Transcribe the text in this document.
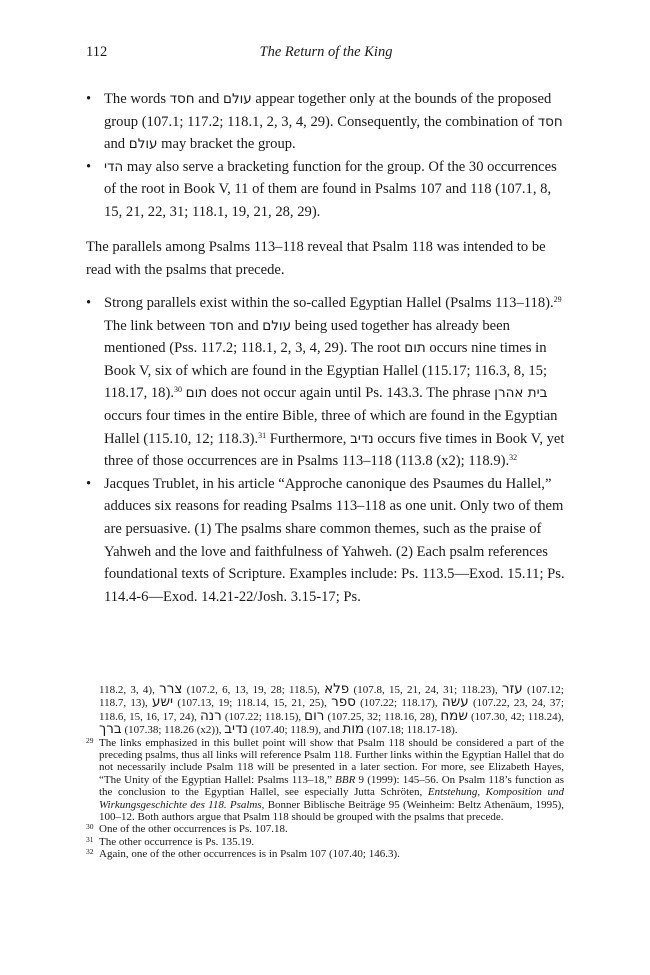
112	The Return of the King
• The words חסד and עולם appear together only at the bounds of the proposed group (107.1; 117.2; 118.1, 2, 3, 4, 29). Consequently, the combination of חסד and עולם may bracket the group.
• הדי may also serve a bracketing function for the group. Of the 30 occurrences of the root in Book V, 11 of them are found in Psalms 107 and 118 (107.1, 8, 15, 21, 22, 31; 118.1, 19, 21, 28, 29).

The parallels among Psalms 113–118 reveal that Psalm 118 was intended to be read with the psalms that precede.

• Strong parallels exist within the so-called Egyptian Hallel (Psalms 113–118).$^{29}$ The link between חסד and עולם being used together has already been mentioned (Pss. 117.2; 118.1, 2, 3, 4, 29). The root תום occurs nine times in Book V, six of which are found in the Egyptian Hallel (115.17; 116.3, 8, 15; 118.17, 18).$^{30}$ תום does not occur again until Ps. 143.3. The phrase בית אהרן occurs four times in the entire Bible, three of which are found in the Egyptian Hallel (115.10, 12; 118.3).$^{31}$ Furthermore, נדיב occurs five times in Book V, yet three of those occurrences are in Psalms 113–118 (113.8 (x2); 118.9).$^{32}$
• Jacques Trublet, in his article “Approche canonique des Psaumes du Hallel,” adduces six reasons for reading Psalms 113–118 as one unit. Only two of them are persuasive. (1) The psalms share common themes, such as the praise of Yahweh and the love and faithfulness of Yahweh. (2) Each psalm references foundational texts of Scripture. Examples include: Ps. 113.5—Exod. 15.11; Ps. 114.4-6—Exod. 14.21-22/Josh. 3.15-17; Ps.

118.2, 3, 4), צרר (107.2, 6, 13, 19, 28; 118.5), פלא (107.8, 15, 21, 24, 31; 118.23), עזר (107.12; 118.7, 13), ישע (107.13, 19; 118.14, 15, 21, 25), ספר (107.22; 118.17), עשה (107.22, 23, 24, 37; 118.6, 15, 16, 17, 24), רנה (107.22; 118.15), רום (107.25, 32; 118.16, 28), שמח (107.30, 42; 118.24), ברך (107.38; 118.26 (x2)), נדיב (107.40; 118.9), and מות (107.18; 118.17-18).

29 The links emphasized in this bullet point will show that Psalm 118 should be considered a part of the preceding psalms, thus all links will reference Psalm 118. Further links within the Egyptian Hallel that do not necessarily include Psalm 118 will be presented in a later section. For more, see Elizabeth Hayes, “The Unity of the Egyptian Hallel: Psalms 113–18,” BBR 9 (1999): 145–56. On Psalm 118’s function as the conclusion to the Egyptian Hallel, see especially Jutta Schröten, Entstehung, Komposition und Wirkungsgeschichte des 118. Psalms, Bonner Biblische Beiträge 95 (Weinheim: Beltz Athenäum, 1995), 100–12. Both authors argue that Psalm 118 should be grouped with the psalms that precede.

30 One of the other occurrences is Ps. 107.18.

31 The other occurrence is Ps. 135.19.

32 Again, one of the other occurrences is in Psalm 107 (107.40; 146.3).
